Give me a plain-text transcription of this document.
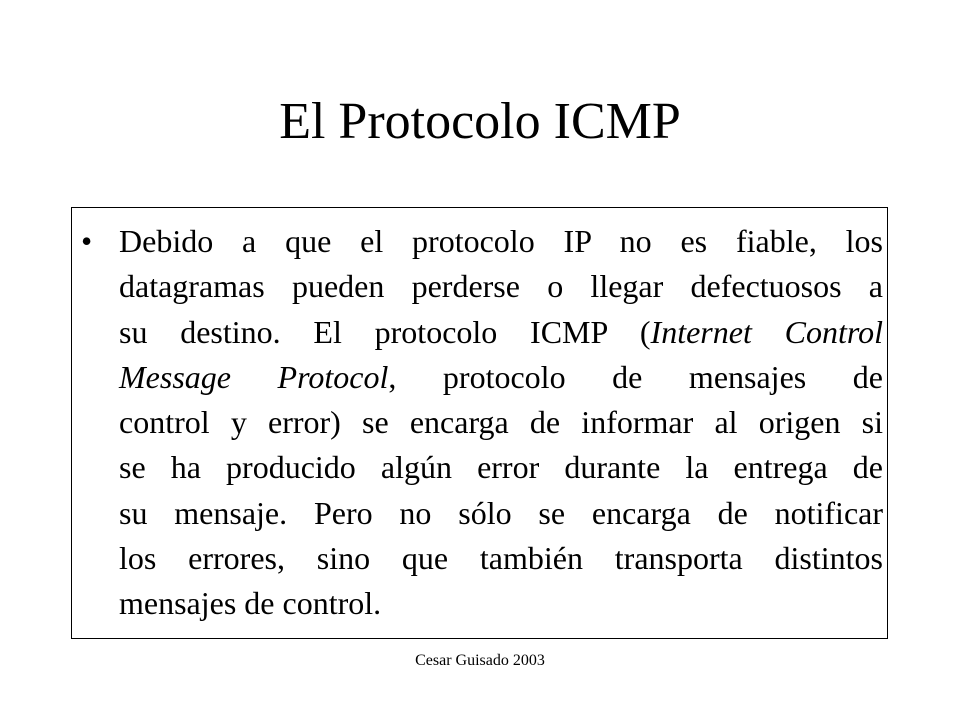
El Protocolo ICMP
• Debido a que el protocolo IP no es fiable, los
datagramas pueden perderse o llegar defectuosos a
su destino. El protocolo ICMP (Internet Control
Message Protocol, protocolo de mensajes de
control y error) se encarga de informar al origen si
se ha producido algún error durante la entrega de
su mensaje. Pero no sólo se encarga de notificar
los errores, sino que también transporta distintos
mensajes de control.
Cesar Guisado 2003
